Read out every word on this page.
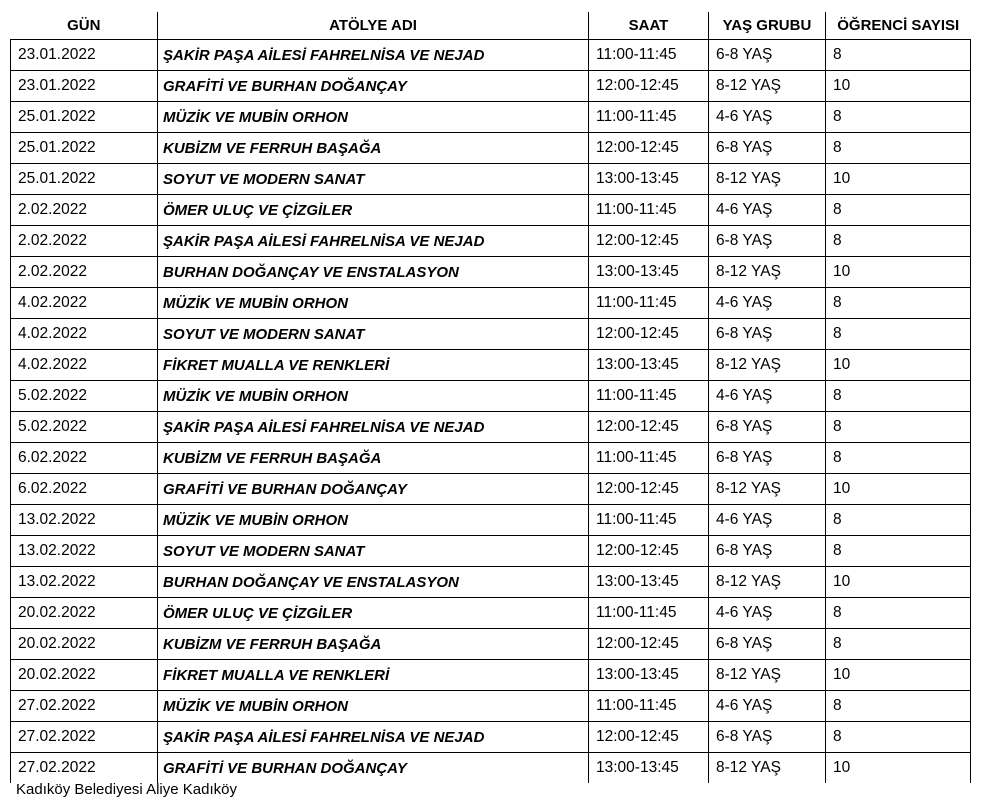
GÜN	ATÖLYE ADI	SAAT	YAŞ GRUBU	ÖĞRENCİ SAYISI
23.01.2022	ŞAKİR PAŞA AİLESİ FAHRELNİSA VE NEJAD	11:00-11:45	6-8 YAŞ	8
23.01.2022	GRAFİTİ VE BURHAN DOĞANÇAY	12:00-12:45	8-12 YAŞ	10
25.01.2022	MÜZİK VE MUBİN ORHON	11:00-11:45	4-6 YAŞ	8
25.01.2022	KUBİZM VE FERRUH BAŞAĞA	12:00-12:45	6-8 YAŞ	8
25.01.2022	SOYUT VE MODERN SANAT	13:00-13:45	8-12 YAŞ	10
2.02.2022	ÖMER ULUÇ VE ÇİZGİLER	11:00-11:45	4-6 YAŞ	8
2.02.2022	ŞAKİR PAŞA AİLESİ FAHRELNİSA VE NEJAD	12:00-12:45	6-8 YAŞ	8
2.02.2022	BURHAN DOĞANÇAY VE ENSTALASYON	13:00-13:45	8-12 YAŞ	10
4.02.2022	MÜZİK VE MUBİN ORHON	11:00-11:45	4-6 YAŞ	8
4.02.2022	SOYUT VE MODERN SANAT	12:00-12:45	6-8 YAŞ	8
4.02.2022	FİKRET MUALLA VE RENKLERİ	13:00-13:45	8-12 YAŞ	10
5.02.2022	MÜZİK VE MUBİN ORHON	11:00-11:45	4-6 YAŞ	8
5.02.2022	ŞAKİR PAŞA AİLESİ FAHRELNİSA VE NEJAD	12:00-12:45	6-8 YAŞ	8
6.02.2022	KUBİZM VE FERRUH BAŞAĞA	11:00-11:45	6-8 YAŞ	8
6.02.2022	GRAFİTİ VE BURHAN DOĞANÇAY	12:00-12:45	8-12 YAŞ	10
13.02.2022	MÜZİK VE MUBİN ORHON	11:00-11:45	4-6 YAŞ	8
13.02.2022	SOYUT VE MODERN SANAT	12:00-12:45	6-8 YAŞ	8
13.02.2022	BURHAN DOĞANÇAY VE ENSTALASYON	13:00-13:45	8-12 YAŞ	10
20.02.2022	ÖMER ULUÇ VE ÇİZGİLER	11:00-11:45	4-6 YAŞ	8
20.02.2022	KUBİZM VE FERRUH BAŞAĞA	12:00-12:45	6-8 YAŞ	8
20.02.2022	FİKRET MUALLA VE RENKLERİ	13:00-13:45	8-12 YAŞ	10
27.02.2022	MÜZİK VE MUBİN ORHON	11:00-11:45	4-6 YAŞ	8
27.02.2022	ŞAKİR PAŞA AİLESİ FAHRELNİSA VE NEJAD	12:00-12:45	6-8 YAŞ	8
27.02.2022	GRAFİTİ VE BURHAN DOĞANÇAY	13:00-13:45	8-12 YAŞ	10
Kadıköy Belediyesi Aliye Kadıköy
